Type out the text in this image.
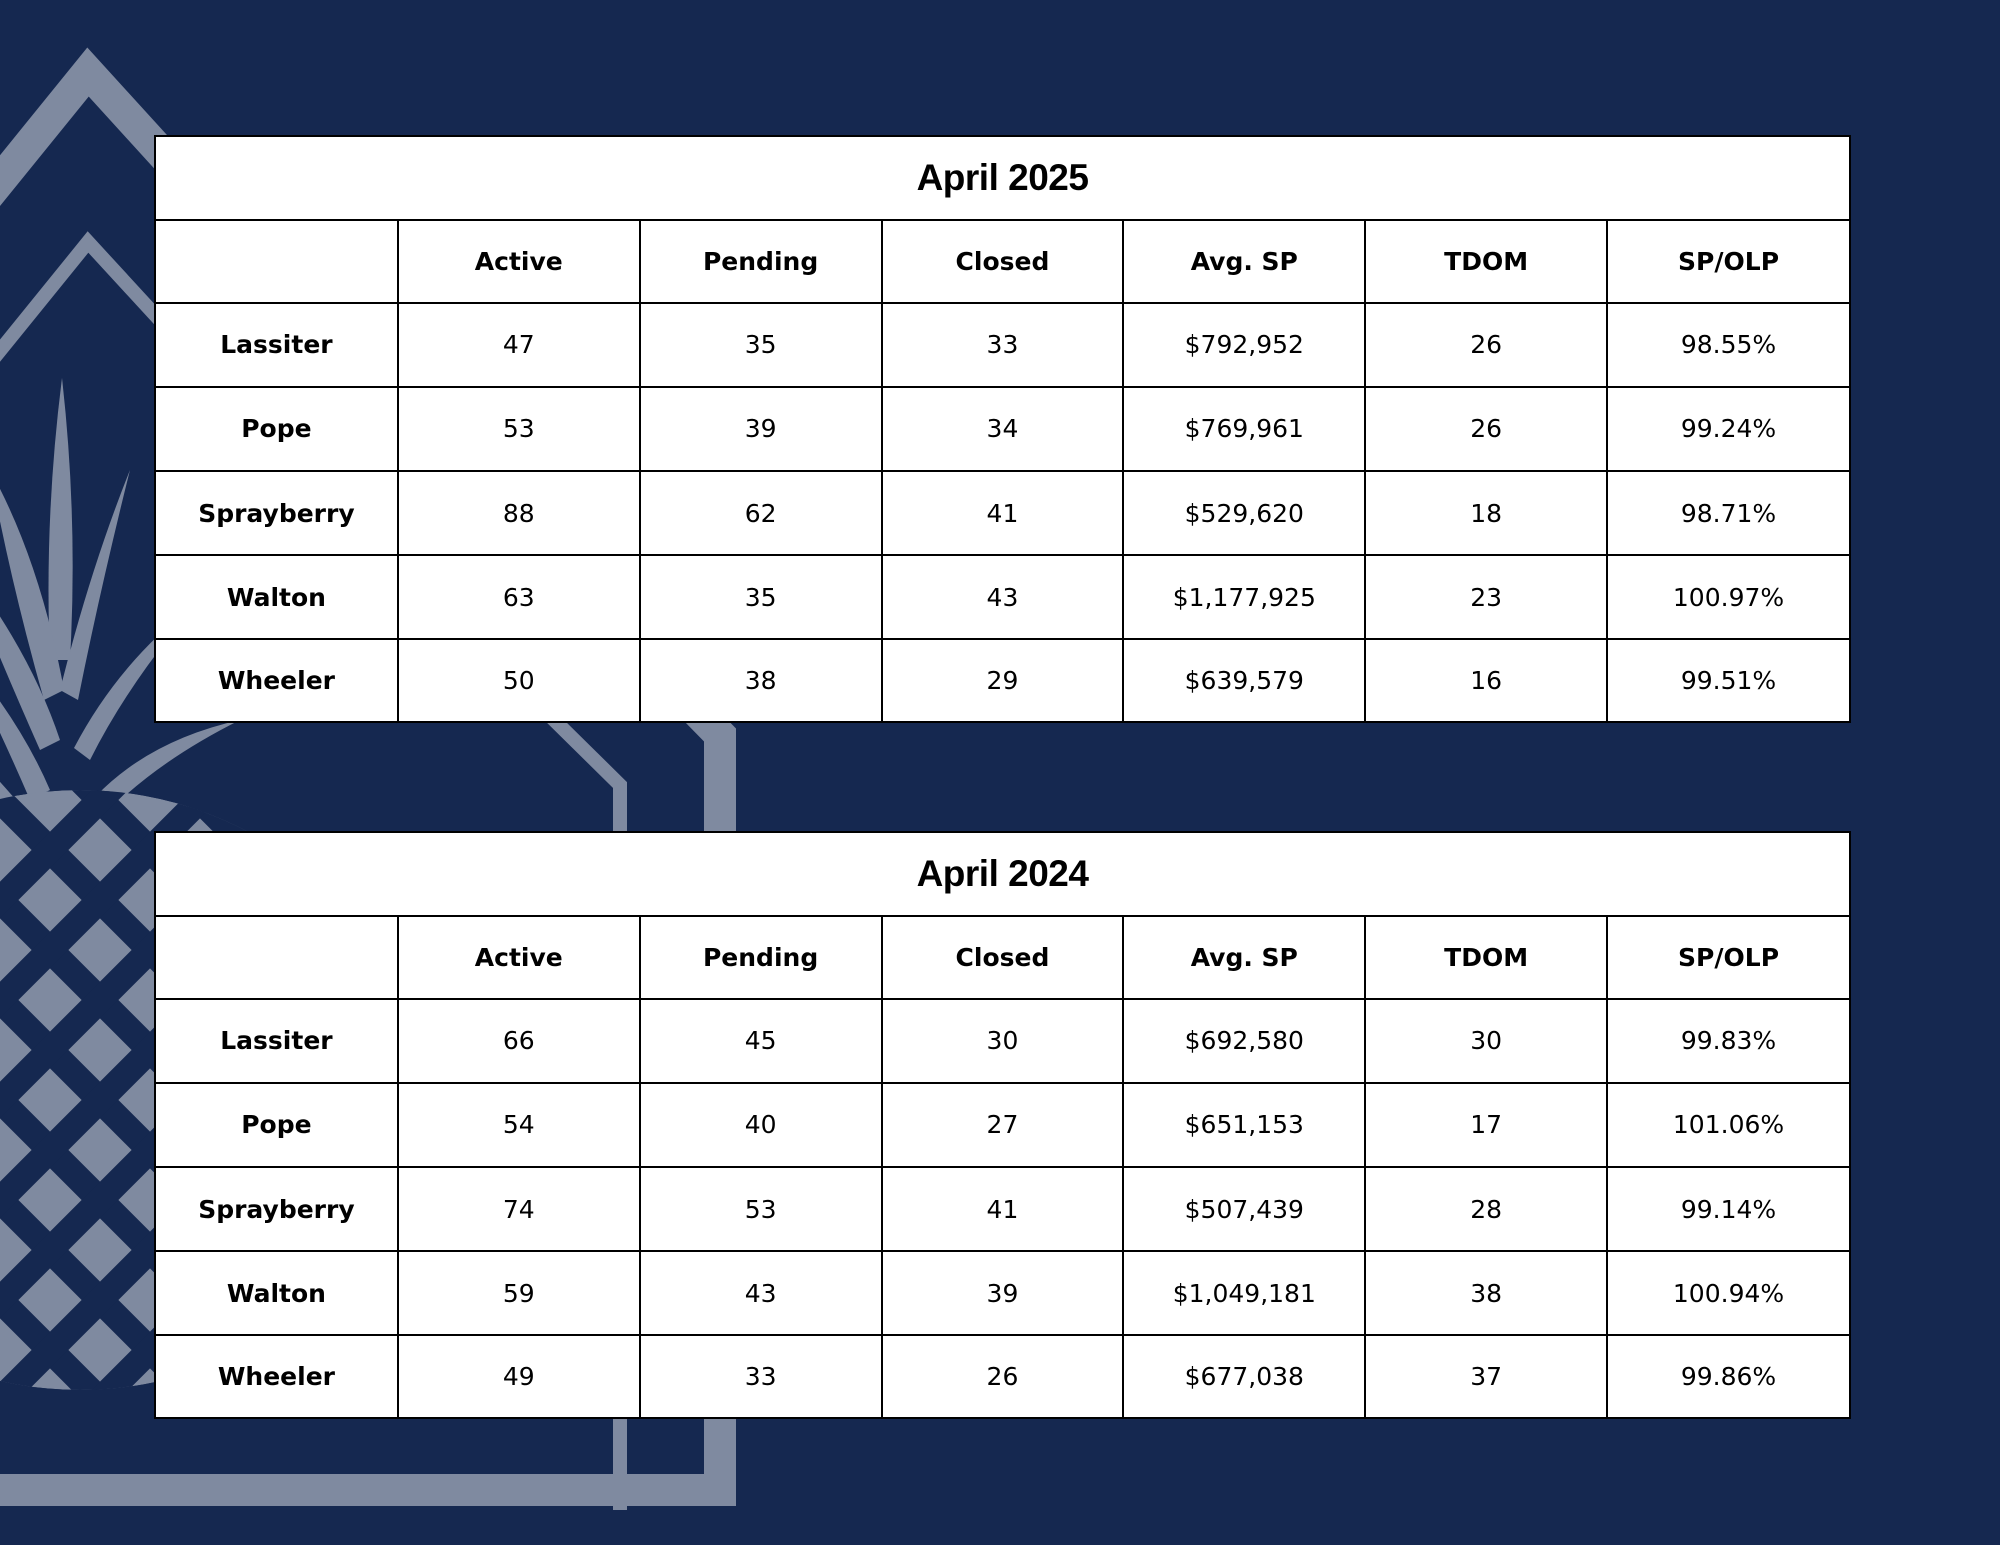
April 2025
	Active	Pending	Closed	Avg. SP	TDOM	SP/OLP
Lassiter	47	35	33	$792,952	26	98.55%
Pope	53	39	34	$769,961	26	99.24%
Sprayberry	88	62	41	$529,620	18	98.71%
Walton	63	35	43	$1,177,925	23	100.97%
Wheeler	50	38	29	$639,579	16	99.51%
April 2024
	Active	Pending	Closed	Avg. SP	TDOM	SP/OLP
Lassiter	66	45	30	$692,580	30	99.83%
Pope	54	40	27	$651,153	17	101.06%
Sprayberry	74	53	41	$507,439	28	99.14%
Walton	59	43	39	$1,049,181	38	100.94%
Wheeler	49	33	26	$677,038	37	99.86%
